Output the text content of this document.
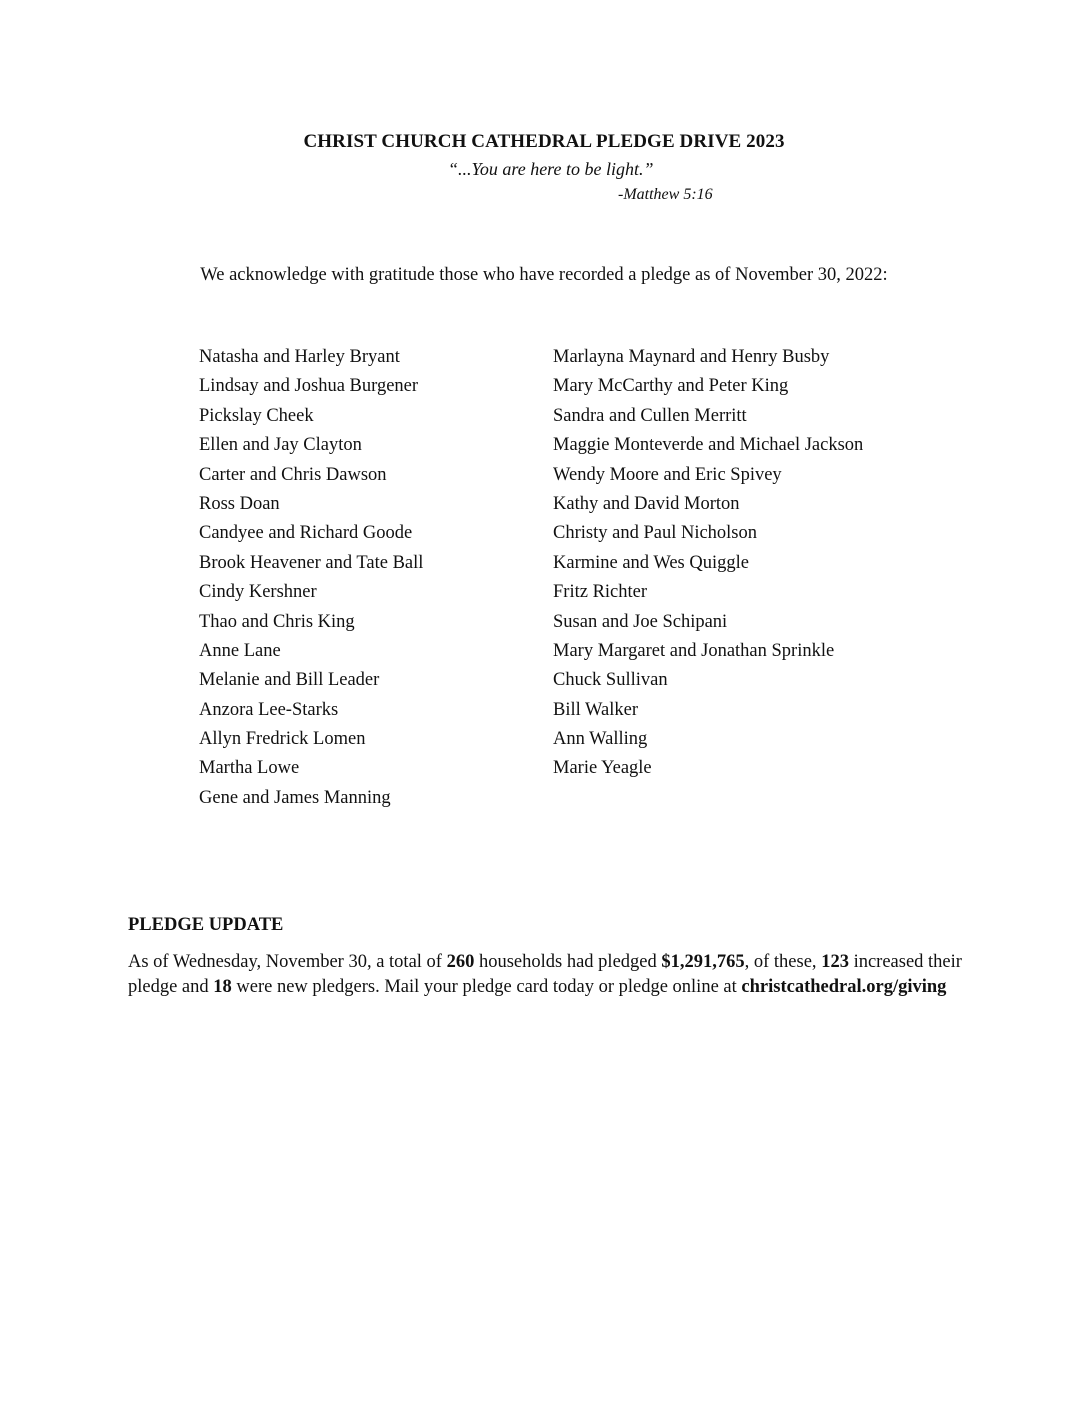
CHRIST CHURCH CATHEDRAL PLEDGE DRIVE 2023
“...You are here to be light.”
-Matthew 5:16
We acknowledge with gratitude those who have recorded a pledge as of November 30, 2022:
Natasha and Harley Bryant
Lindsay and Joshua Burgener
Pickslay Cheek
Ellen and Jay Clayton
Carter and Chris Dawson
Ross Doan
Candyee and Richard Goode
Brook Heavener and Tate Ball
Cindy Kershner
Thao and Chris King
Anne Lane
Melanie and Bill Leader
Anzora Lee-Starks
Allyn Fredrick Lomen
Martha Lowe
Gene and James Manning
Marlayna Maynard and Henry Busby
Mary McCarthy and Peter King
Sandra and Cullen Merritt
Maggie Monteverde and Michael Jackson
Wendy Moore and Eric Spivey
Kathy and David Morton
Christy and Paul Nicholson
Karmine and Wes Quiggle
Fritz Richter
Susan and Joe Schipani
Mary Margaret and Jonathan Sprinkle
Chuck Sullivan
Bill Walker
Ann Walling
Marie Yeagle
PLEDGE UPDATE
As of Wednesday, November 30, a total of 260 households had pledged $1,291,765, of these, 123 increased their pledge and 18 were new pledgers. Mail your pledge card today or pledge online at christcathedral.org/giving
